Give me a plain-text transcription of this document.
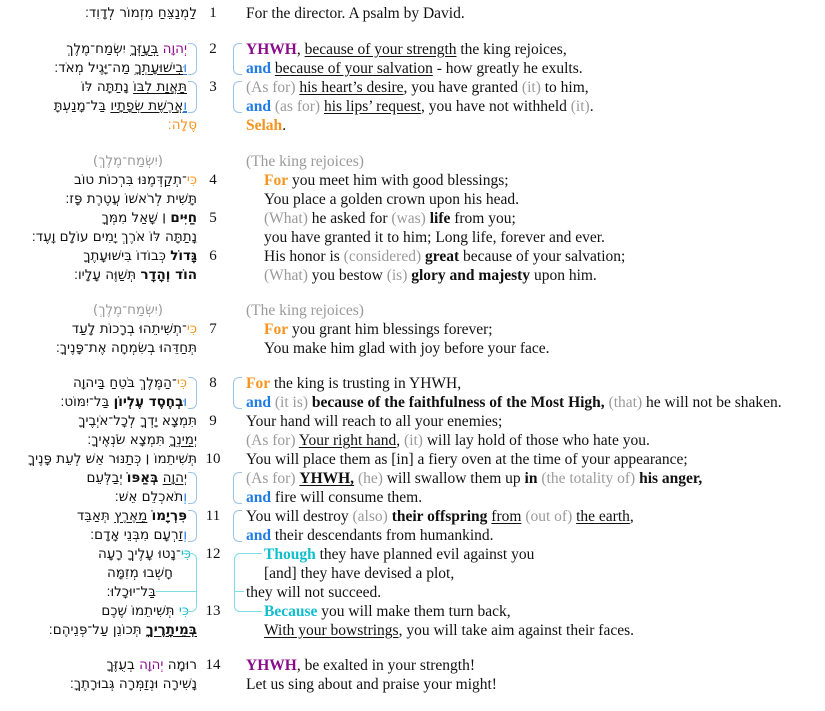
לַמְנַצֵּחַ מִזְמוֹר לְדָוִד׃ 1	For the director. A psalm by David.
יְהוָה בְּעָזְּךָ יִשְׂמַח־מֶלֶךְ	2	YHWH, because of your strength the king rejoices,
וּבִישׁוּעָתְךָ מַה־יָּגֶיל מְאֹד׃	and because of your salvation - how greatly he exults.
תַּאֲוַת לִבּוֹ נָתַתָּה לּוֹ	3	(As for) his heart’s desire, you have granted (it) to him,
וַאֲרֶשֶׁת שְׂפָתָיו בַּל־מָנַעְתָּ	and (as for) his lips’ request, you have not withheld (it).
סֶּלָה׃	Selah.
(יִשְׂמַח־מֶלֶךְ)	(The king rejoices)
כִּי־תְקַדְּמֶנּוּ בִּרְכוֹת טוֹב	4	For you meet him with good blessings;
תָּשִׁית לְרֹאשׁוֹ עֲטֶרֶת פָּז׃	You place a golden crown upon his head.
חַיִּים ׀ שָׁאַל מִמְּךָ	5	(What) he asked for (was) life from you;
נָתַתָּה לּוֹ אֹרֶךְ יָמִים עוֹלָם וָעֶד׃	you have granted it to him; Long life, forever and ever.
גָּדוֹל כְּבוֹדוֹ בִּישׁוּעָתֶךָ	6	His honor is (considered) great because of your salvation;
הוֹד וְהָדָר תְּשַׁוֶּה עָלָיו׃	(What) you bestow (is) glory and majesty upon him.
(יִשְׂמַח־מֶלֶךְ)	(The king rejoices)
כִּי־תְשִׁיתֵהוּ בְרָכוֹת לָעַד	7	For you grant him blessings forever;
תְּחַדֵּהוּ בְשִׂמְחָה אֶת־פָּנֶיךָ׃	You make him glad with joy before your face.
כִּי־הַמֶּלֶךְ בֹּטֵחַ בַּיהוָה	8	For the king is trusting in YHWH,
וּבְחֶסֶד עֶלְיוֹן בַּל־יִמּוֹט׃	and (it is) because of the faithfulness of the Most High, (that) he will not be shaken.
תִּמְצָא יָדְךָ לְכָל־אֹיְבֶיךָ 9	Your hand will reach to all your enemies;
יְמִינְךָ תִּמְצָא שֹׂנְאֶיךָ׃	(As for) Your right hand, (it) will lay hold of those who hate you.
תְּשִׁיתֵמוֹ ׀ כְּתַנּוּר אֵשׁ לְעֵת פָּנֶיךָ 10	You will place them as [in] a fiery oven at the time of your appearance;
יְהוָה בְּאַפּוֹ יְבַלְּעֵם	(As for) YHWH, (he) will swallow them up in (the totality of) his anger,
וְתֹאכְלֵם אֵשׁ׃	and fire will consume them.
פִּרְיָמוֹ מֵאֶרֶץ תְּאַבֵּד	11	You will destroy (also) their offspring from (out of) the earth,
וְזַרְעָם מִבְּנֵי אָדָם׃	and their descendants from humankind.
כִּי־נָטוּ עָלֶיךָ רָעָה	12	Though they have planned evil against you
חָשְׁבוּ מְזִמָּה	[and] they have devised a plot,
בַּל־יוּכָלוּ׃	they will not succeed.
כִּי תְּשִׁיתֵמוֹ שֶׁכֶם	13	Because you will make them turn back,
בְּמֵיתָרֶיךָ תְּכוֹנֵן עַל־פְּנֵיהֶם׃	With your bowstrings, you will take aim against their faces.
רוּמָה יְהוָה בְעֻזֶּךָ	14	YHWH, be exalted in your strength!
נָשִׁירָה וּנְזַמְּרָה גְּבוּרָתֶךָ׃	Let us sing about and praise your might!
